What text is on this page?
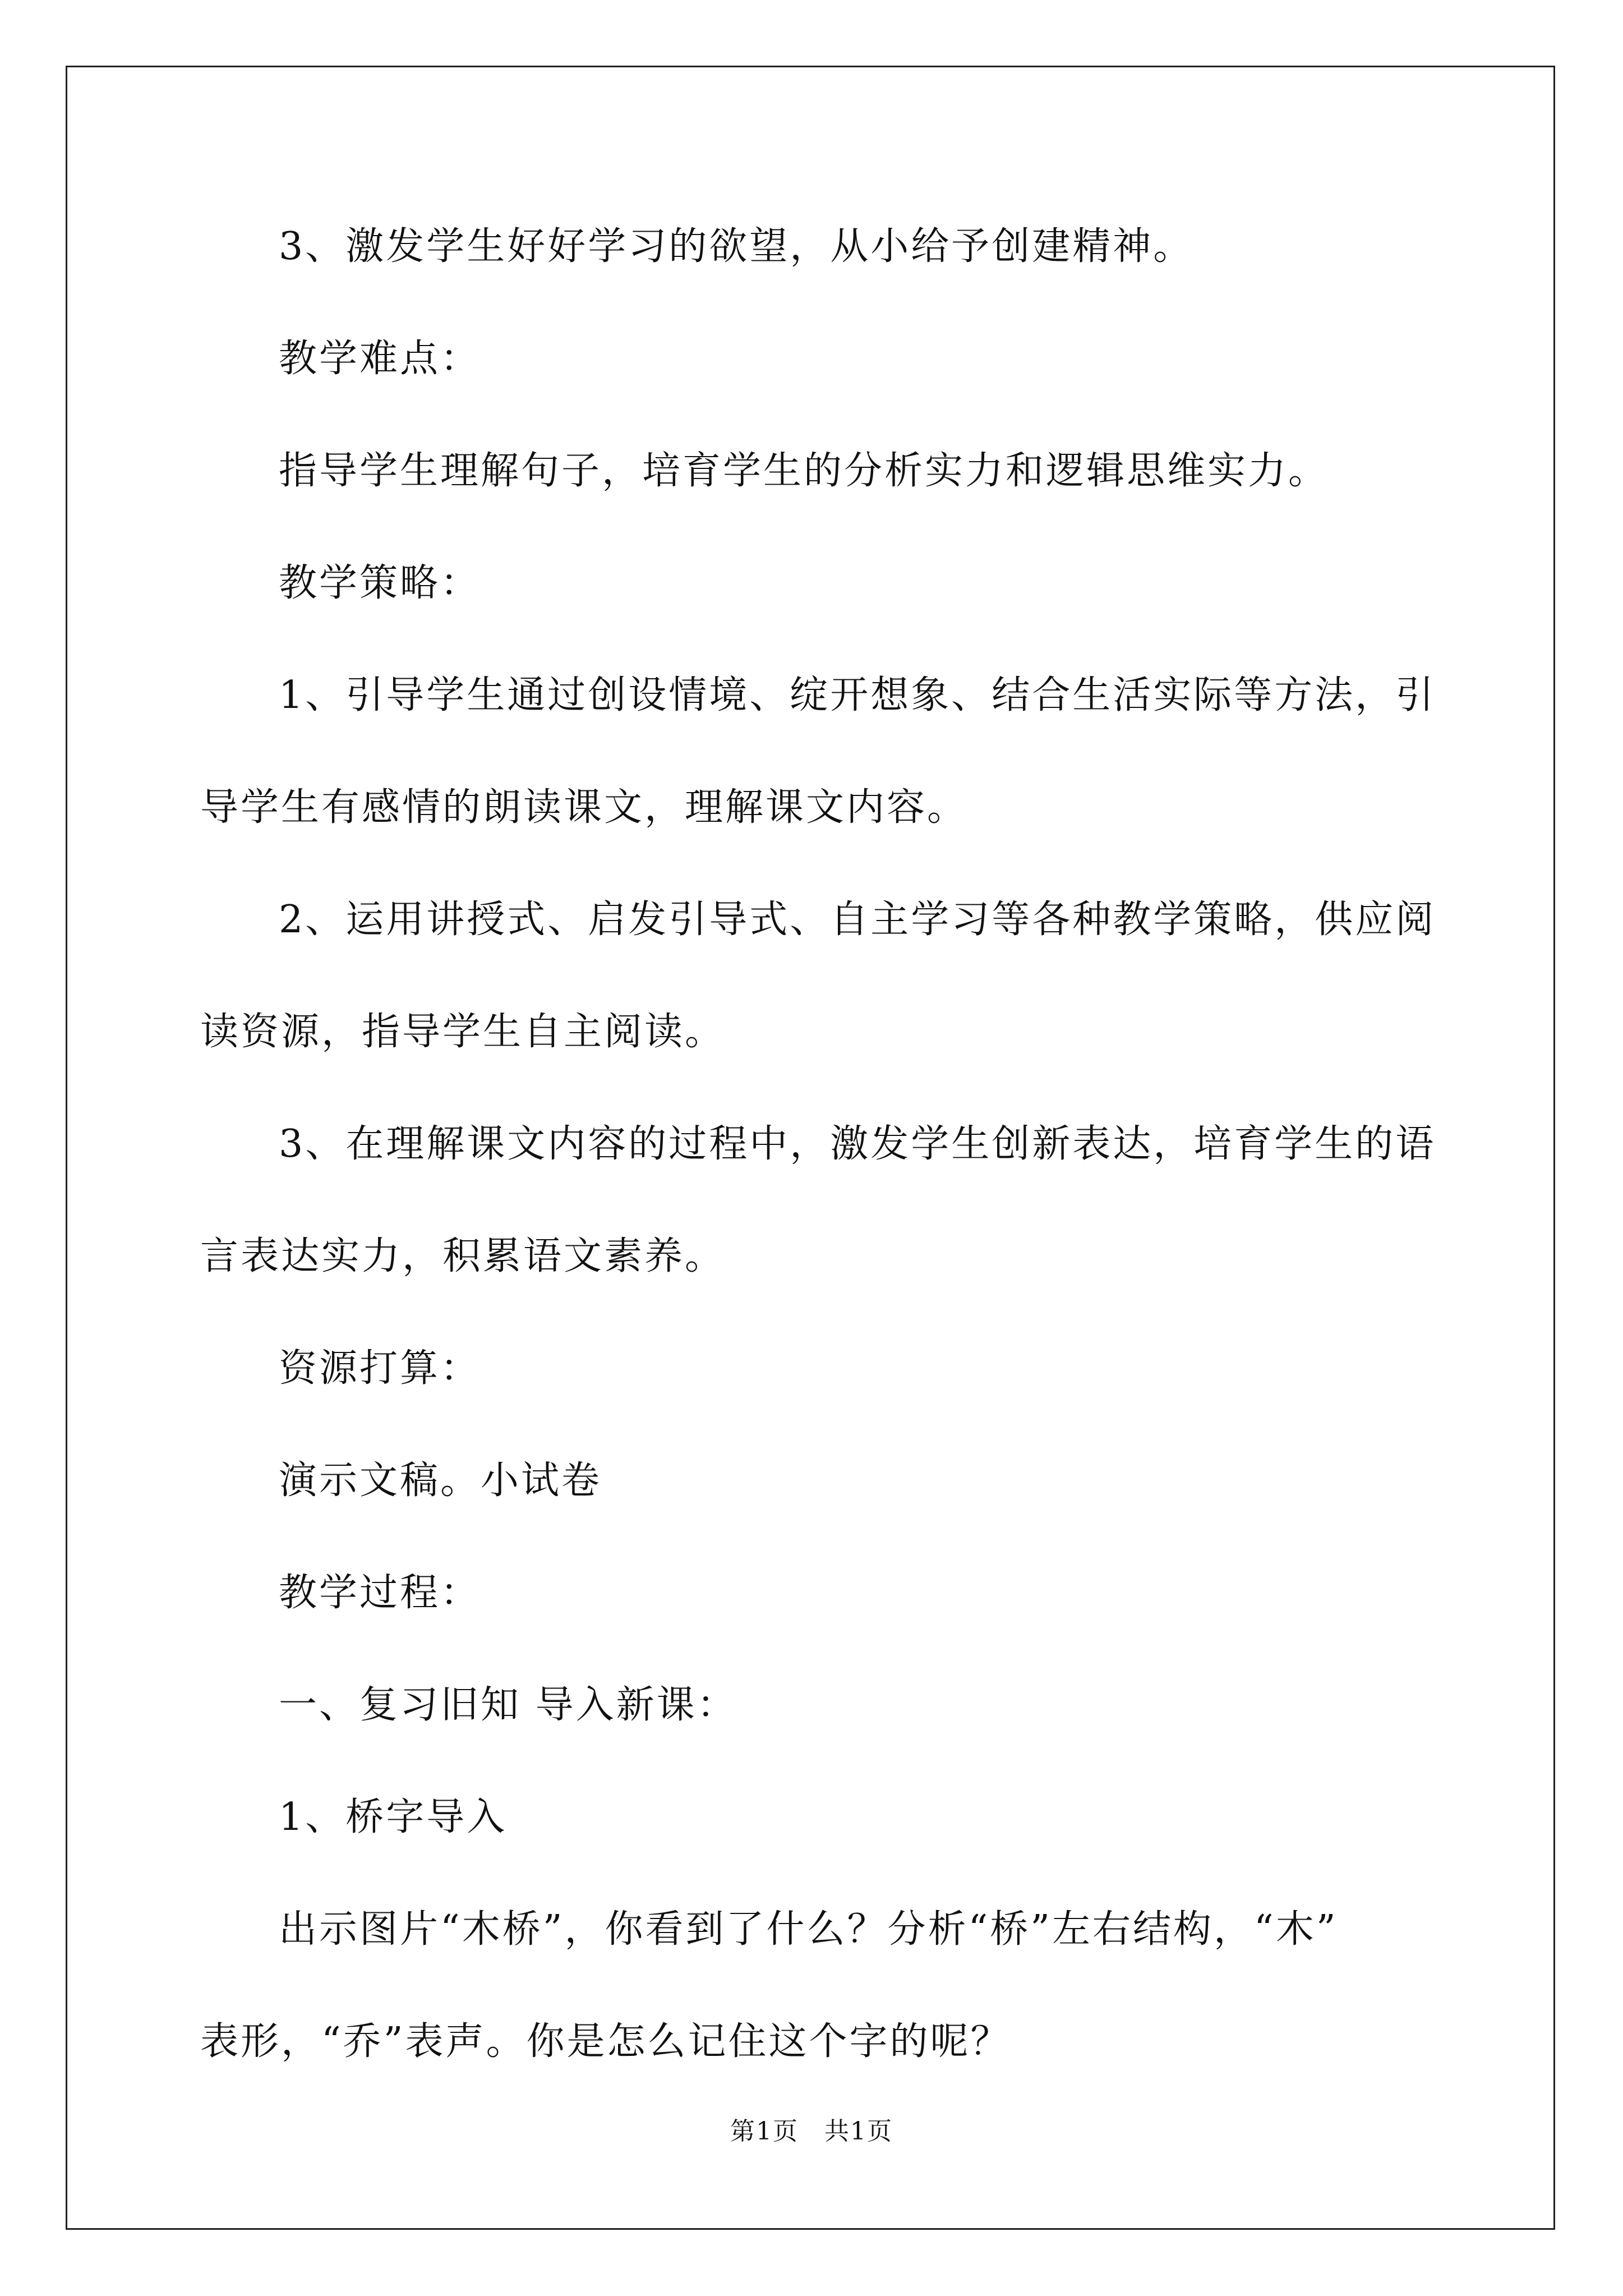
3、激发学生好好学习的欲望，从小给予创建精神。
教学难点：
指导学生理解句子，培育学生的分析实力和逻辑思维实力。
教学策略：
1、引导学生通过创设情境、绽开想象、结合生活实际等方法，引
导学生有感情的朗读课文，理解课文内容。
2、运用讲授式、启发引导式、自主学习等各种教学策略，供应阅
读资源，指导学生自主阅读。
3、在理解课文内容的过程中，激发学生创新表达，培育学生的语
言表达实力，积累语文素养。
资源打算：
演示文稿。小试卷
教学过程：
一、复习旧知 导入新课：
1、桥字导入
出示图片“木桥”，你看到了什么？分析“桥”左右结构，“木”
表形，“乔”表声。你是怎么记住这个字的呢？
第1页　共1页
